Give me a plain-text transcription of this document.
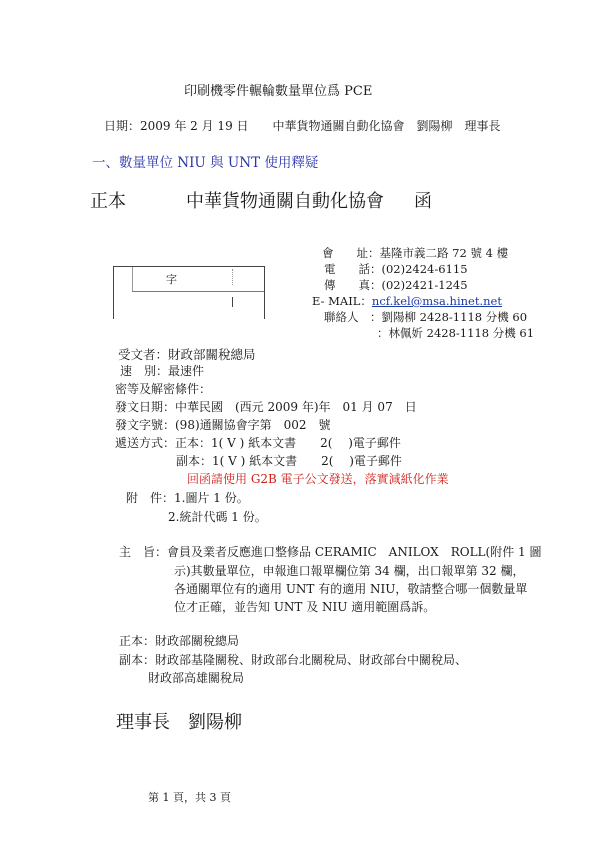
印刷機零件輾輪數量單位爲 PCE
日期：2009 年 2 月 19 日　　中華貨物通關自動化協會　劉陽柳　理事長
一、數量單位 NIU 與 UNT 使用釋疑
正本	中華貨物通關自動化協會 函
字
會　　址：基隆市義二路 72 號 4 樓
電　　話：(02)2424-6115
傳　　真：(02)2421-1245
E- MAIL：ncf.kel@msa.hinet.net
聯絡人　：劉陽柳 2428-1118 分機 60
：林佩妡 2428-1118 分機 61
受文者：財政部關稅總局
速　別：最速件
密等及解密條件：
發文日期：中華民國　(西元 2009 年)年　01 月 07　日
發文字號：(98)通關協會字第　002　號
遞送方式：正本：1( V ) 紙本文書　　2(　 )電子郵件
副本：1( V ) 紙本文書　　2(　 )電子郵件
回函請使用 G2B 電子公文發送，落實減紙化作業
附　件：1.圖片 1 份。
2.統計代碼 1 份。
主　旨：會員及業者反應進口整修品 CERAMIC　ANILOX　ROLL(附件 1 圖
示)其數量單位，申報進口報單欄位第 34 欄，出口報單第 32 欄，
各通關單位有的適用 UNT 有的適用 NIU，敬請整合哪一個數量單
位才正確，並告知 UNT 及 NIU 適用範圍爲訴。
正本：財政部關稅總局
副本：財政部基隆關稅、財政部台北關稅局、財政部台中關稅局、
財政部高雄關稅局
理事長 劉陽柳
第 1 頁，共 3 頁
